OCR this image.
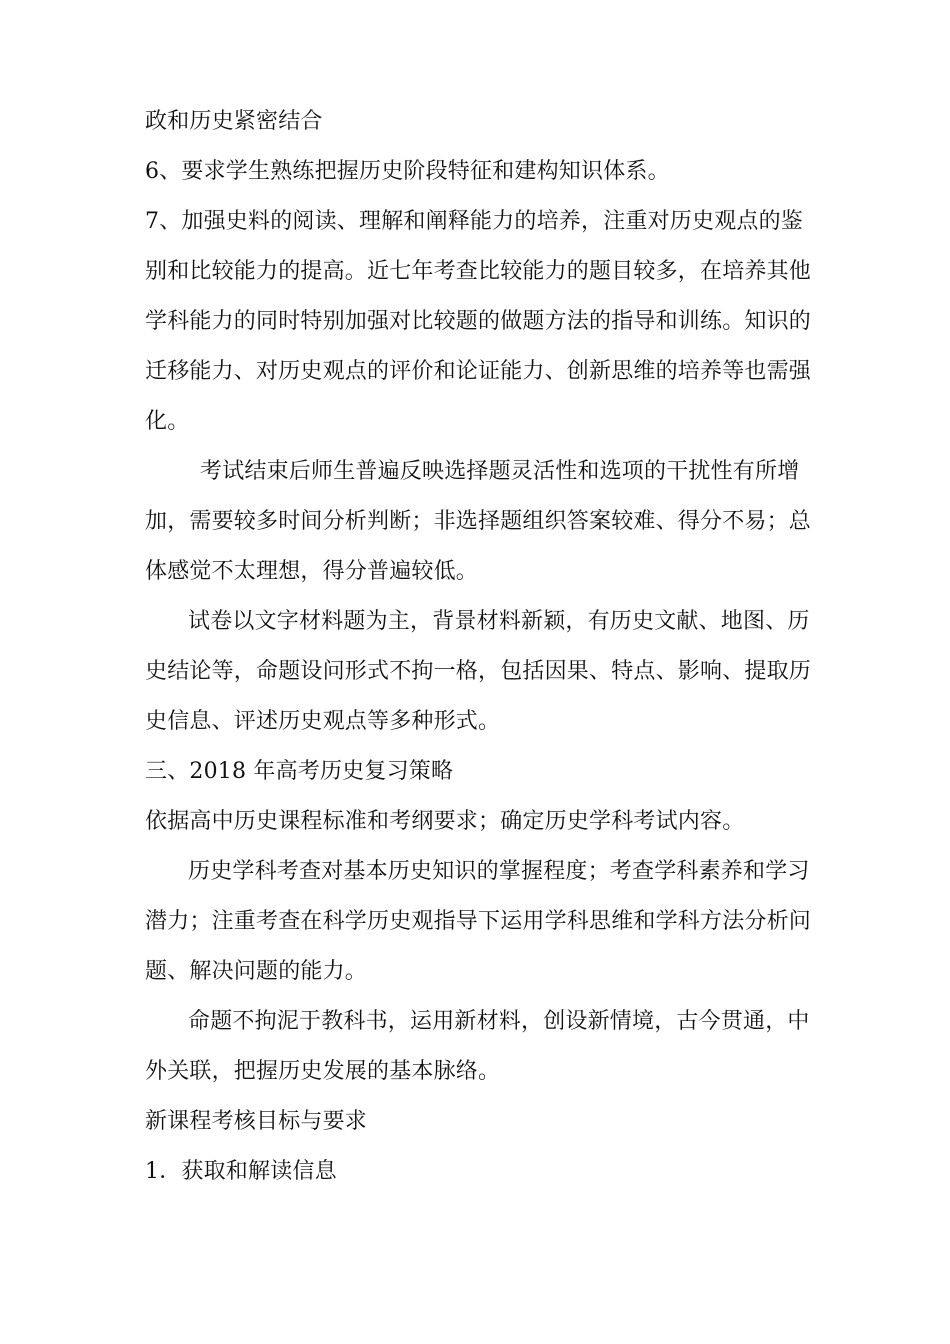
政和历史紧密结合
6、要求学生熟练把握历史阶段特征和建构知识体系。
7、加强史料的阅读、理解和阐释能力的培养，注重对历史观点的鉴
别和比较能力的提高。近七年考查比较能力的题目较多，在培养其他
学科能力的同时特别加强对比较题的做题方法的指导和训练。知识的
迁移能力、对历史观点的评价和论证能力、创新思维的培养等也需强
化。
考试结束后师生普遍反映选择题灵活性和选项的干扰性有所增
加，需要较多时间分析判断；非选择题组织答案较难、得分不易；总
体感觉不太理想，得分普遍较低。
试卷以文字材料题为主，背景材料新颖，有历史文献、地图、历
史结论等，命题设问形式不拘一格，包括因果、特点、影响、提取历
史信息、评述历史观点等多种形式。
三、2018 年高考历史复习策略
依据高中历史课程标准和考纲要求；确定历史学科考试内容。
历史学科考查对基本历史知识的掌握程度；考查学科素养和学习
潜力；注重考查在科学历史观指导下运用学科思维和学科方法分析问
题、解决问题的能力。
命题不拘泥于教科书，运用新材料，创设新情境，古今贯通，中
外关联，把握历史发展的基本脉络。
新课程考核目标与要求
1．获取和解读信息
